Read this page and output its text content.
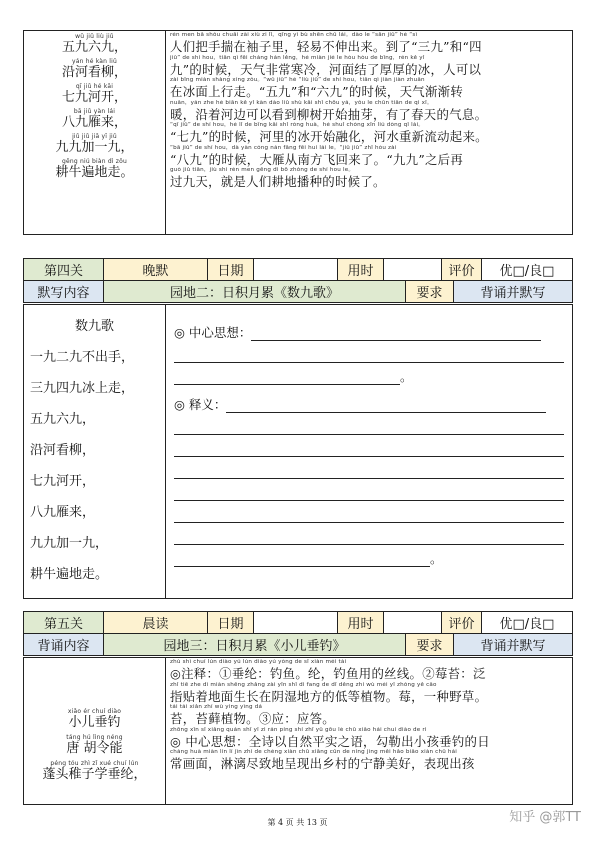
wǔ jiǔ liù jiǔ
五九六九，
yán hé kàn liǔ
沿河看柳，
qī jiǔ hé kāi
七九河开，
bā jiǔ yàn lái
八九雁来，
jiǔ jiǔ jiā yī jiǔ
九九加一九，
gēng niú biàn dì zǒu
耕牛遍地走。

rén men bǎ shǒu chuāi zài xiù zi lǐ，qīng yì bù shēn chū lái。dào le “sān jiǔ” hé “sì
人们把手揣在袖子里，轻易不伸出来。到了“三九”和“四
jiǔ” de shí hou，tiān qì fēi cháng hán lěng，hé miàn jié le hòu hòu de bīng，rén kě yǐ
九”的时候，天气非常寒冷，河面结了厚厚的冰，人可以
zài bīng miàn shàng xíng zǒu。“wǔ jiǔ” hé “liù jiǔ” de shí hou，tiān qì jiàn jiàn zhuǎn
在冰面上行走。“五九”和“六九”的时候，天气渐渐转
nuǎn，yán zhe hé biān kě yǐ kàn dào liǔ shù kāi shǐ chōu yá，yǒu le chūn tiān de qì xī。
暖，沿着河边可以看到柳树开始抽芽，有了春天的气息。
“qī jiǔ” de shí hou，hé lǐ de bīng kāi shǐ róng huà，hé shuǐ chóng xīn liú dòng qǐ lái。
“七九”的时候，河里的冰开始融化，河水重新流动起来。
“bā jiǔ” de shí hou，dà yàn cóng nán fāng fēi huí lái le。“jiǔ jiǔ” zhī hòu zài
“八九”的时候，大雁从南方飞回来了。“九九”之后再
guò jiǔ tiān，jiù shì rén men gēng dì bō zhǒng de shí hou le。
过九天，就是人们耕地播种的时候了。
第四关	晚默	日期		用时		评价	优□/良□
默写内容	园地二：日积月累《数九歌》	要求	背诵并默写
数九歌
一九二九不出手，
三九四九冰上走，
五九六九，
沿河看柳，
七九河开，
八九雁来，
九九加一九，
耕牛遍地走。

◎ 中心思想：
。
◎ 释义：
。
第五关	晨读	日期		用时		评价	优□/良□
背诵内容	园地三：日积月累《小儿垂钓》	要求	背诵并默写
xiǎo ér chuí diào
小儿垂钓
táng hú lìng néng
唐 胡令能
péng tóu zhì zǐ xué chuí lún
蓬头稚子学垂纶，

zhù shì chuí lún diào yú lún diào yú yòng de sī xiàn méi tái
◎注释：①垂纶：钓鱼。纶，钓鱼用的丝线。②莓苔：泛
zhǐ tiē zhe dì miàn shēng zhǎng zài yīn shī dì fang de dī děng zhí wù méi yī zhǒng yě cǎo
指贴着地面生长在阴湿地方的低等植物。莓，一种野草。
tái tái xiǎn zhí wù yìng yìng dá
苔，苔藓植物。③应：应答。
zhōng xīn sī xiǎng quán shī yǐ zì rán píng shí zhī yǔ gōu lè chū xiǎo hái chuí diào de rì
◎ 中心思想：全诗以自然平实之语，勾勒出小孩垂钓的日
cháng huà miàn lín lí jìn zhì de chéng xiàn chū xiāng cūn de níng jìng měi hǎo biǎo xiàn chū hái
常画面，淋漓尽致地呈现出乡村的宁静美好，表现出孩
第 4 页 共 13 页	知乎 @郭TT
